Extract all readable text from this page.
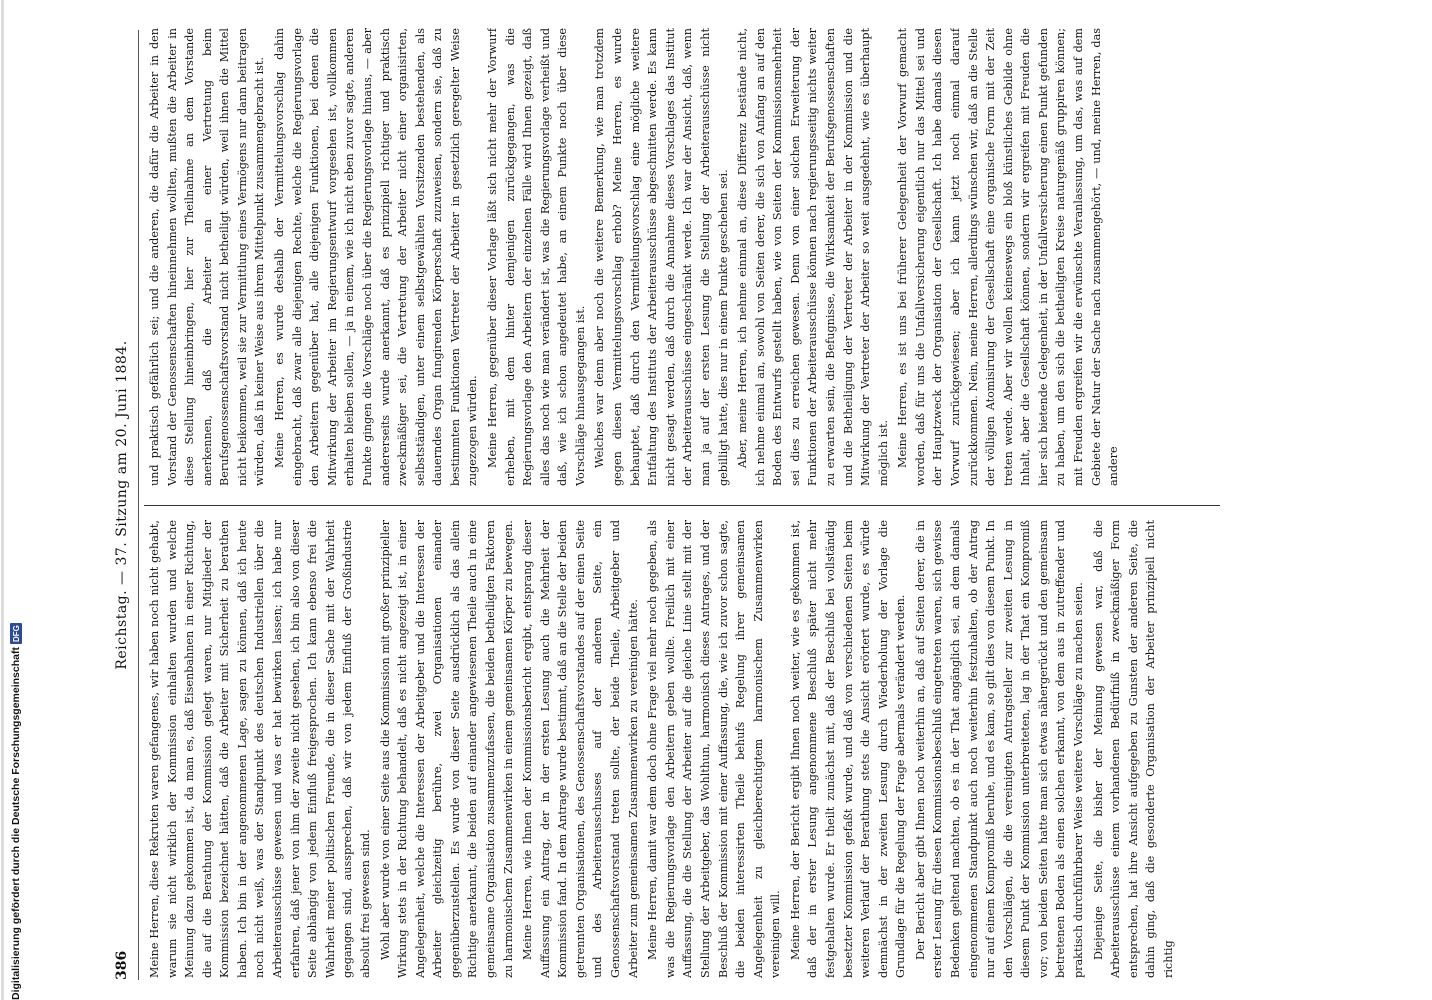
Digitalisierung gefördert durch die Deutsche Forschungsgemeinschaft
DFG
386
Reichstag. — 37. Sitzung am 20. Juni 1884.

Meine Herren, diese Rekruten waren gefangenes, wir haben noch nicht gehabt, warum sie nicht wirklich der Kommission einhalten wurden und welche Meinung dazu gekommen ist, da man es, daß Eisenbahnen in einer Richtung, die auf die Berathung der Kommission gelegt waren, nur Mitglieder der Kommission bezeichnet hätten, daß die Arbeiter mit Sicherheit zu berathen haben. Ich bin in der angenommenen Lage, sagen zu können, daß ich heute noch nicht weiß, was der Standpunkt des deutschen Industriellen über die Arbeiterausschüsse gewesen und was er hat bewirken lassen; ich habe nur erfahren, daß jener von ihm der zweite nicht gesehen, ich bin also von dieser Seite abhängig von jedem Einfluß freigesprochen. Ich kann ebenso frei die Wahrheit meiner politischen Freunde, die in dieser Sache mit der Wahrheit gegangen sind, aussprechen, daß wir von jedem Einfluß der Großindustrie absolut frei gewesen sind. Wohl aber wurde von einer Seite aus die Kommission mit großer prinzipieller Wirkung stets in der Richtung behandelt, daß es nicht angezeigt ist, in einer Angelegenheit, welche die Interessen der Arbeitgeber und die Interessen der Arbeiter gleichzeitig berühre, zwei Organisationen einander gegenüberzustellen. Es wurde von dieser Seite ausdrücklich als das allein Richtige anerkannt, die beiden auf einander angewiesenen Theile auch in eine gemeinsame Organisation zusammenzufassen, die beiden betheiligten Faktoren zu harmonischem Zusammenwirken in einem gemeinsamen Körper zu bewegen. Meine Herren, wie Ihnen der Kommissionsbericht ergibt, entsprang dieser Auffassung ein Antrag, der in der ersten Lesung auch die Mehrheit der Kommission fand. In dem Antrage wurde bestimmt, daß an die Stelle der beiden getrennten Organisationen, des Genossenschaftsvorstandes auf der einen Seite und des Arbeiterausschusses auf der anderen Seite, ein Genossenschaftsvorstand treten sollte, der beide Theile, Arbeitgeber und Arbeiter zum gemeinsamen Zusammenwirken zu vereinigen hätte. Meine Herren, damit war dem doch ohne Frage viel mehr noch gegeben, als was die Regierungsvorlage den Arbeitern geben wollte. Freilich mit einer Auffassung, die die Stellung der Arbeiter auf die gleiche Linie stellt mit der Stellung der Arbeitgeber, das Wohlthun, harmonisch dieses Antrages, und der Beschluß der Kommission mit einer Auffassung, die, wie ich zuvor schon sagte, die beiden interessirten Theile behufs Regelung ihrer gemeinsamen Angelegenheit zu gleichberechtigtem harmonischem Zusammenwirken vereinigen will. Meine Herren, der Bericht ergibt Ihnen noch weiter, wie es gekommen ist, daß der in erster Lesung angenommene Beschluß später nicht mehr festgehalten wurde. Er theilt zunächst mit, daß der Beschluß bei vollständig besetzter Kommission gefaßt wurde, und daß von verschiedenen Seiten beim weiteren Verlauf der Berathung stets die Ansicht erörtert wurde, es würde demnächst in der zweiten Lesung durch Wiederholung der Vorlage die Grundlage für die Regelung der Frage abermals verändert werden. Der Bericht aber gibt Ihnen noch weiterhin an, daß auf Seiten derer, die in erster Lesung für diesen Kommissionsbeschluß eingetreten waren, sich gewisse Bedenken geltend machten, ob es in der That angänglich sei, an dem damals eingenommenen Standpunkt auch noch weiterhin festzuhalten, ob der Antrag nur auf einem Kompromiß beruhe, und es kam, so gilt dies von diesem Punkt. In den Vorschlägen, die die vereinigten Antragsteller zur zweiten Lesung in diesem Punkt der Kommission unterbreiteten, lag in der That ein Kompromiß vor; von beiden Seiten hatte man sich etwas nähergerückt und den gemeinsam betretenen Boden als einen solchen erkannt, von dem aus in zutreffender und praktisch durchführbarer Weise weitere Vorschläge zu machen seien. Diejenige Seite, die bisher der Meinung gewesen war, daß die Arbeiterausschüsse einem vorhandenen Bedürfniß in zweckmäßiger Form entsprechen, hat ihre Ansicht aufgegeben zu Gunsten der anderen Seite, die dahin ging, daß die gesonderte Organisation der Arbeiter prinzipiell nicht richtig

und praktisch gefährlich sei; und die anderen, die dafür die Arbeiter in den Vorstand der Genossenschaften hineinnehmen wollten, mußten die Arbeiter in diese Stellung hineinbringen, hier zur Theilnahme an dem Vorstande anerkennen, daß die Arbeiter an einer Vertretung beim Berufsgenossenschaftsvorstand nicht betheiligt würden, weil ihnen die Mittel nicht beikommen, weil sie zur Vermittlung eines Vermögens nur dann beitragen würden, daß in keiner Weise aus ihrem Mittelpunkt zusammengebracht ist. Meine Herren, es wurde deshalb der Vermittelungsvorschlag dahin eingebracht, daß zwar alle diejenigen Rechte, welche die Regierungsvorlage den Arbeitern gegenüber hat, alle diejenigen Funktionen, bei denen die Mitwirkung der Arbeiter im Regierungsentwurf vorgesehen ist, vollkommen erhalten bleiben sollen, — ja in einem, wie ich nicht eben zuvor sagte, anderen Punkte gingen die Vorschläge noch über die Regierungsvorlage hinaus, — aber andererseits wurde anerkannt, daß es prinzipiell richtiger und praktisch zweckmäßiger sei, die Vertretung der Arbeiter nicht einer organisirten, selbstständigen, unter einem selbstgewählten Vorsitzenden bestehenden, als dauerndes Organ fungirenden Körperschaft zuzuweisen, sondern sie, daß zu bestimmten Funktionen Vertreter der Arbeiter in gesetzlich geregelter Weise zugezogen würden. Meine Herren, gegenüber dieser Vorlage läßt sich nicht mehr der Vorwurf erheben, mit dem hinter demjenigen zurückgegangen, was die Regierungsvorlage den Arbeitern der einzelnen Fälle wird Ihnen gezeigt, daß alles das noch wie man verändert ist, was die Regierungsvorlage verheißt und daß, wie ich schon angedeutet habe, an einem Punkte noch über diese Vorschläge hinausgegangen ist. Welches war denn aber noch die weitere Bemerkung, wie man trotzdem gegen diesen Vermittelungsvorschlag erhob? Meine Herren, es wurde behauptet, daß durch den Vermittelungsvorschlag eine mögliche weitere Entfaltung des Instituts der Arbeiterausschüsse abgeschnitten werde. Es kann nicht gesagt werden, daß durch die Annahme dieses Vorschlages das Institut der Arbeiterausschüsse eingeschränkt werde. Ich war der Ansicht, daß, wenn man ja auf der ersten Lesung die Stellung der Arbeiterausschüsse nicht gebilligt hatte, dies nur in einem Punkte geschehen sei. Aber, meine Herren, ich nehme einmal an, diese Differenz bestände nicht, ich nehme einmal an, sowohl von Seiten derer, die sich von Anfang an auf den Boden des Entwurfs gestellt haben, wie von Seiten der Kommissionsmehrheit sei dies zu erreichen gewesen. Denn von einer solchen Erweiterung der Funktionen der Arbeiterausschüsse können nach regierungsseitig nichts weiter zu erwarten sein, die Befugnisse, die Wirksamkeit der Berufsgenossenschaften und die Betheiligung der Vertreter der Arbeiter in der Kommission und die Mitwirkung der Vertreter der Arbeiter so weit ausgedehnt, wie es überhaupt möglich ist. Meine Herren, es ist uns bei früherer Gelegenheit der Vorwurf gemacht worden, daß für uns die Unfallversicherung eigentlich nur das Mittel sei und der Hauptzweck der Organisation der Gesellschaft. Ich habe damals diesen Vorwurf zurückgewiesen; aber ich kann jetzt noch einmal darauf zurückkommen. Nein, meine Herren, allerdings wünschen wir, daß an die Stelle der völligen Atomisirung der Gesellschaft eine organische Form mit der Zeit treten werde. Aber wir wollen keineswegs ein bloß künstliches Gebilde ohne Inhalt, aber die Gesellschaft können, sondern wir ergreifen mit Freuden die hier sich bietende Gelegenheit, in der Unfallversicherung einen Punkt gefunden zu haben, um den sich die betheiligten Kreise naturgemäß gruppiren können; mit Freuden ergreifen wir die erwünschte Veranlassung, um das, was auf dem Gebiete der Natur der Sache nach zusammengehört, — und, meine Herren, das andere
